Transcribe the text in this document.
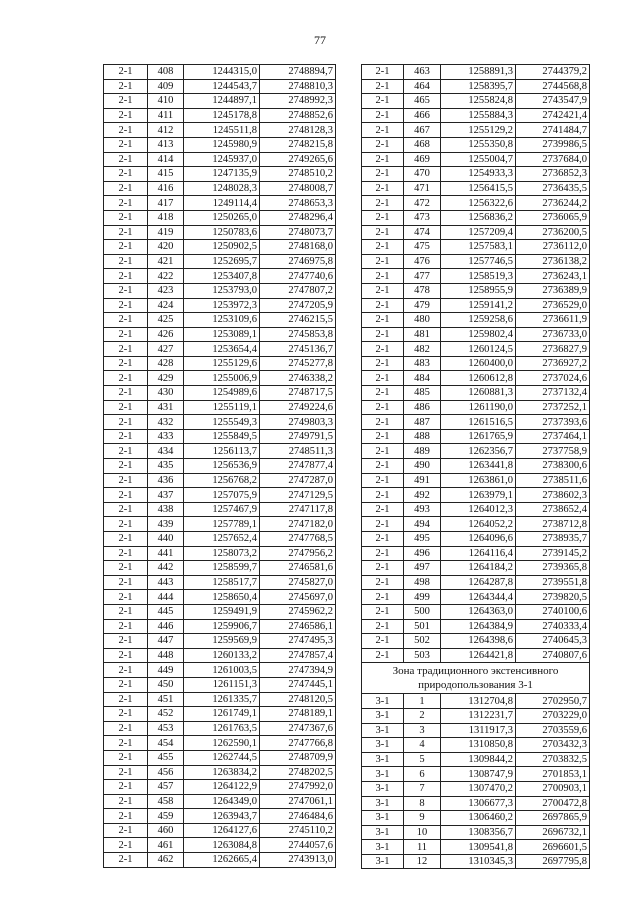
77
2-1	408	1244315,0	2748894,7
2-1	409	1244543,7	2748810,3
2-1	410	1244897,1	2748992,3
2-1	411	1245178,8	2748852,6
2-1	412	1245511,8	2748128,3
2-1	413	1245980,9	2748215,8
2-1	414	1245937,0	2749265,6
2-1	415	1247135,9	2748510,2
2-1	416	1248028,3	2748008,7
2-1	417	1249114,4	2748653,3
2-1	418	1250265,0	2748296,4
2-1	419	1250783,6	2748073,7
2-1	420	1250902,5	2748168,0
2-1	421	1252695,7	2746975,8
2-1	422	1253407,8	2747740,6
2-1	423	1253793,0	2747807,2
2-1	424	1253972,3	2747205,9
2-1	425	1253109,6	2746215,5
2-1	426	1253089,1	2745853,8
2-1	427	1253654,4	2745136,7
2-1	428	1255129,6	2745277,8
2-1	429	1255006,9	2746338,2
2-1	430	1254989,6	2748717,5
2-1	431	1255119,1	2749224,6
2-1	432	1255549,3	2749803,3
2-1	433	1255849,5	2749791,5
2-1	434	1256113,7	2748511,3
2-1	435	1256536,9	2747877,4
2-1	436	1256768,2	2747287,0
2-1	437	1257075,9	2747129,5
2-1	438	1257467,9	2747117,8
2-1	439	1257789,1	2747182,0
2-1	440	1257652,4	2747768,5
2-1	441	1258073,2	2747956,2
2-1	442	1258599,7	2746581,6
2-1	443	1258517,7	2745827,0
2-1	444	1258650,4	2745697,0
2-1	445	1259491,9	2745962,2
2-1	446	1259906,7	2746586,1
2-1	447	1259569,9	2747495,3
2-1	448	1260133,2	2747857,4
2-1	449	1261003,5	2747394,9
2-1	450	1261151,3	2747445,1
2-1	451	1261335,7	2748120,5
2-1	452	1261749,1	2748189,1
2-1	453	1261763,5	2747367,6
2-1	454	1262590,1	2747766,8
2-1	455	1262744,5	2748709,9
2-1	456	1263834,2	2748202,5
2-1	457	1264122,9	2747992,0
2-1	458	1264349,0	2747061,1
2-1	459	1263943,7	2746484,6
2-1	460	1264127,6	2745110,2
2-1	461	1263084,8	2744057,6
2-1	462	1262665,4	2743913,0
2-1	463	1258891,3	2744379,2
2-1	464	1258395,7	2744568,8
2-1	465	1255824,8	2743547,9
2-1	466	1255884,3	2742421,4
2-1	467	1255129,2	2741484,7
2-1	468	1255350,8	2739986,5
2-1	469	1255004,7	2737684,0
2-1	470	1254933,3	2736852,3
2-1	471	1256415,5	2736435,5
2-1	472	1256322,6	2736244,2
2-1	473	1256836,2	2736065,9
2-1	474	1257209,4	2736200,5
2-1	475	1257583,1	2736112,0
2-1	476	1257746,5	2736138,2
2-1	477	1258519,3	2736243,1
2-1	478	1258955,9	2736389,9
2-1	479	1259141,2	2736529,0
2-1	480	1259258,6	2736611,9
2-1	481	1259802,4	2736733,0
2-1	482	1260124,5	2736827,9
2-1	483	1260400,0	2736927,2
2-1	484	1260612,8	2737024,6
2-1	485	1260881,3	2737132,4
2-1	486	1261190,0	2737252,1
2-1	487	1261516,5	2737393,6
2-1	488	1261765,9	2737464,1
2-1	489	1262356,7	2737758,9
2-1	490	1263441,8	2738300,6
2-1	491	1263861,0	2738511,6
2-1	492	1263979,1	2738602,3
2-1	493	1264012,3	2738652,4
2-1	494	1264052,2	2738712,8
2-1	495	1264096,6	2738935,7
2-1	496	1264116,4	2739145,2
2-1	497	1264184,2	2739365,8
2-1	498	1264287,8	2739551,8
2-1	499	1264344,4	2739820,5
2-1	500	1264363,0	2740100,6
2-1	501	1264384,9	2740333,4
2-1	502	1264398,6	2740645,3
2-1	503	1264421,8	2740807,6
Зона традиционного экстенсивного природопользования 3-1			
3-1	1	1312704,8	2702950,7
3-1	2	1312231,7	2703229,0
3-1	3	1311917,3	2703559,6
3-1	4	1310850,8	2703432,3
3-1	5	1309844,2	2703832,5
3-1	6	1308747,9	2701853,1
3-1	7	1307470,2	2700903,1
3-1	8	1306677,3	2700472,8
3-1	9	1306460,2	2697865,9
3-1	10	1308356,7	2696732,1
3-1	11	1309541,8	2696601,5
3-1	12	1310345,3	2697795,8
